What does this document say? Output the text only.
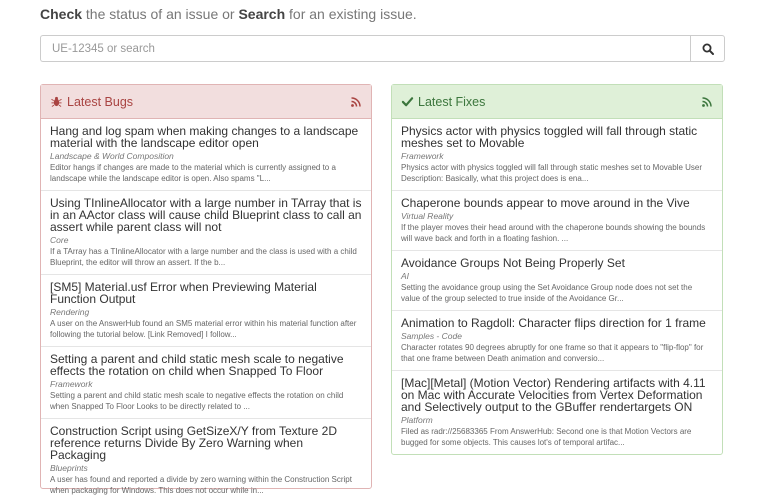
Check the status of an issue or Search for an existing issue.
UE-12345 or search
Latest Bugs
Hang and log spam when making changes to a landscape material with the landscape editor open
Landscape & World Composition
Editor hangs if changes are made to the material which is currently assigned to a landscape while the landscape editor is open. Also spams "L...
Using TInlineAllocator with a large number in TArray that is in an AActor class will cause child Blueprint class to call an assert while parent class will not
Core
If a TArray has a TInlineAllocator with a large number and the class is used with a child Blueprint, the editor will throw an assert. If the b...
[SM5] Material.usf Error when Previewing Material Function Output
Rendering
A user on the AnswerHub found an SM5 material error within his material function after following the tutorial below. [Link Removed] I follow...
Setting a parent and child static mesh scale to negative effects the rotation on child when Snapped To Floor
Framework
Setting a parent and child static mesh scale to negative effects the rotation on child when Snapped To Floor Looks to be directly related to ...
Construction Script using GetSizeX/Y from Texture 2D reference returns Divide By Zero Warning when Packaging
Blueprints
A user has found and reported a divide by zero warning within the Construction Script when packaging for Windows. This does not occur while in...
Latest Fixes
Physics actor with physics toggled will fall through static meshes set to Movable
Framework
Physics actor with physics toggled will fall through static meshes set to Movable User Description: Basically, what this project does is ena...
Chaperone bounds appear to move around in the Vive
Virtual Reality
If the player moves their head around with the chaperone bounds showing the bounds will wave back and forth in a floating fashion. ...
Avoidance Groups Not Being Properly Set
AI
Setting the avoidance group using the Set Avoidance Group node does not set the value of the group selected to true inside of the Avoidance Gr...
Animation to Ragdoll: Character flips direction for 1 frame
Samples - Code
Character rotates 90 degrees abruptly for one frame so that it appears to "flip-flop" for that one frame between Death animation and conversio...
[Mac][Metal] (Motion Vector) Rendering artifacts with 4.11 on Mac with Accurate Velocities from Vertex Deformation and Selectively output to the GBuffer rendertargets ON
Platform
Filed as radr://25683365 From AnswerHub: Second one is that Motion Vectors are bugged for some objects. This causes lot's of temporal artifac...
